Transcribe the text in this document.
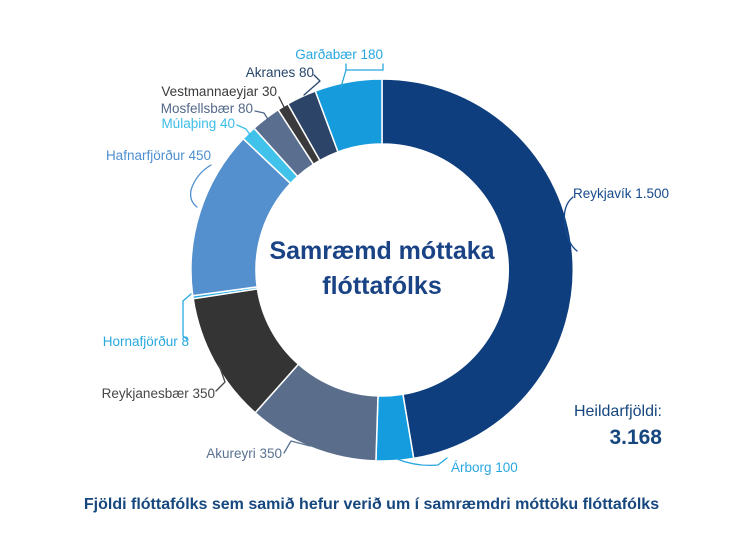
Reykjavík 1.500
Árborg 100
Akureyri 350
Reykjanesbær 350
Hornafjörður 8
Hafnarfjörður 450
Múlaþing 40
Mosfellsbær 80
Vestmannaeyjar 30
Akranes 80
Garðabær 180
Samræmd móttaka
flóttafólks
Heildarfjöldi:
3.168
Fjöldi flóttafólks sem samið hefur verið um í samræmdri móttöku flóttafólks
